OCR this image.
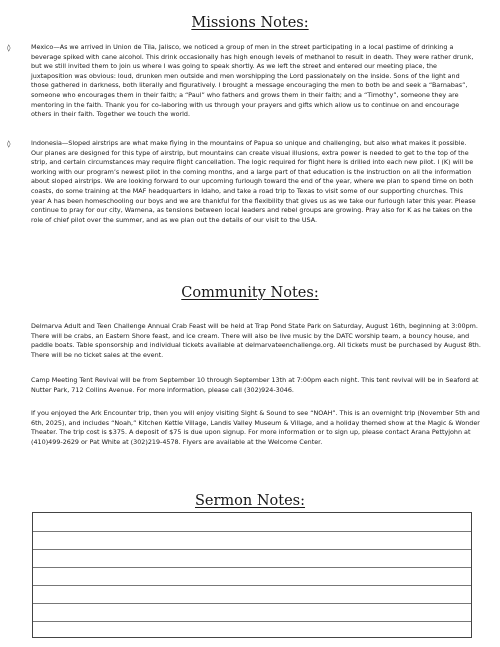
Missions Notes:
◊	Mexico—As we arrived in Union de Tila, Jalisco, we noticed a group of men in the street participating in a local pastime of drinking a beverage spiked with cane alcohol. This drink occasionally has high enough levels of methanol to result in death. They were rather drunk, but we still invited them to join us where I was going to speak shortly. As we left the street and entered our meeting place, the juxtaposition was obvious: loud, drunken men outside and men worshipping the Lord passionately on the inside. Sons of the light and those gathered in darkness, both literally and figuratively. I brought a message encouraging the men to both be and seek a “Barnabas”, someone who encourages them in their faith; a “Paul” who fathers and grows them in their faith; and a “Timothy”, someone they are mentoring in the faith. Thank you for co-laboring with us through your prayers and gifts which allow us to continue on and encourage others in their faith. Together we touch the world.

◊	Indonesia—Sloped airstrips are what make flying in the mountains of Papua so unique and challenging, but also what makes it possible. Our planes are designed for this type of airstrip, but mountains can create visual illusions, extra power is needed to get to the top of the strip, and certain circumstances may require flight cancellation. The logic required for flight here is drilled into each new pilot. I (K) will be working with our program’s newest pilot in the coming months, and a large part of that education is the instruction on all the information about sloped airstrips. We are looking forward to our upcoming furlough toward the end of the year, where we plan to spend time on both coasts, do some training at the MAF headquarters in Idaho, and take a road trip to Texas to visit some of our supporting churches. This year A has been homeschooling our boys and we are thankful for the flexibility that gives us as we take our furlough later this year. Please continue to pray for our city, Wamena, as tensions between local leaders and rebel groups are growing. Pray also for K as he takes on the role of chief pilot over the summer, and as we plan out the details of our visit to the USA.

Community Notes:

Delmarva Adult and Teen Challenge Annual Crab Feast will be held at Trap Pond State Park on Saturday, August 16th, beginning at 3:00pm. There will be crabs, an Eastern Shore feast, and ice cream. There will also be live music by the DATC worship team, a bouncy house, and paddle boats. Table sponsorship and individual tickets available at delmarvateenchallenge.org. All tickets must be purchased by August 8th. There will be no ticket sales at the event.

Camp Meeting Tent Revival will be from September 10 through September 13th at 7:00pm each night. This tent revival will be in Seaford at Nutter Park, 712 Collins Avenue. For more information, please call (302)924-3046.

If you enjoyed the Ark Encounter trip, then you will enjoy visiting Sight & Sound to see “NOAH”. This is an overnight trip (November 5th and 6th, 2025), and includes “Noah,” Kitchen Kettle Village, Landis Valley Museum & Village, and a holiday themed show at the Magic & Wonder Theater. The trip cost is $375. A deposit of $75 is due upon signup. For more information or to sign up, please contact Arana Pettyjohn at (410)499-2629 or Pat White at (302)219-4578. Flyers are available at the Welcome Center.

Sermon Notes:
